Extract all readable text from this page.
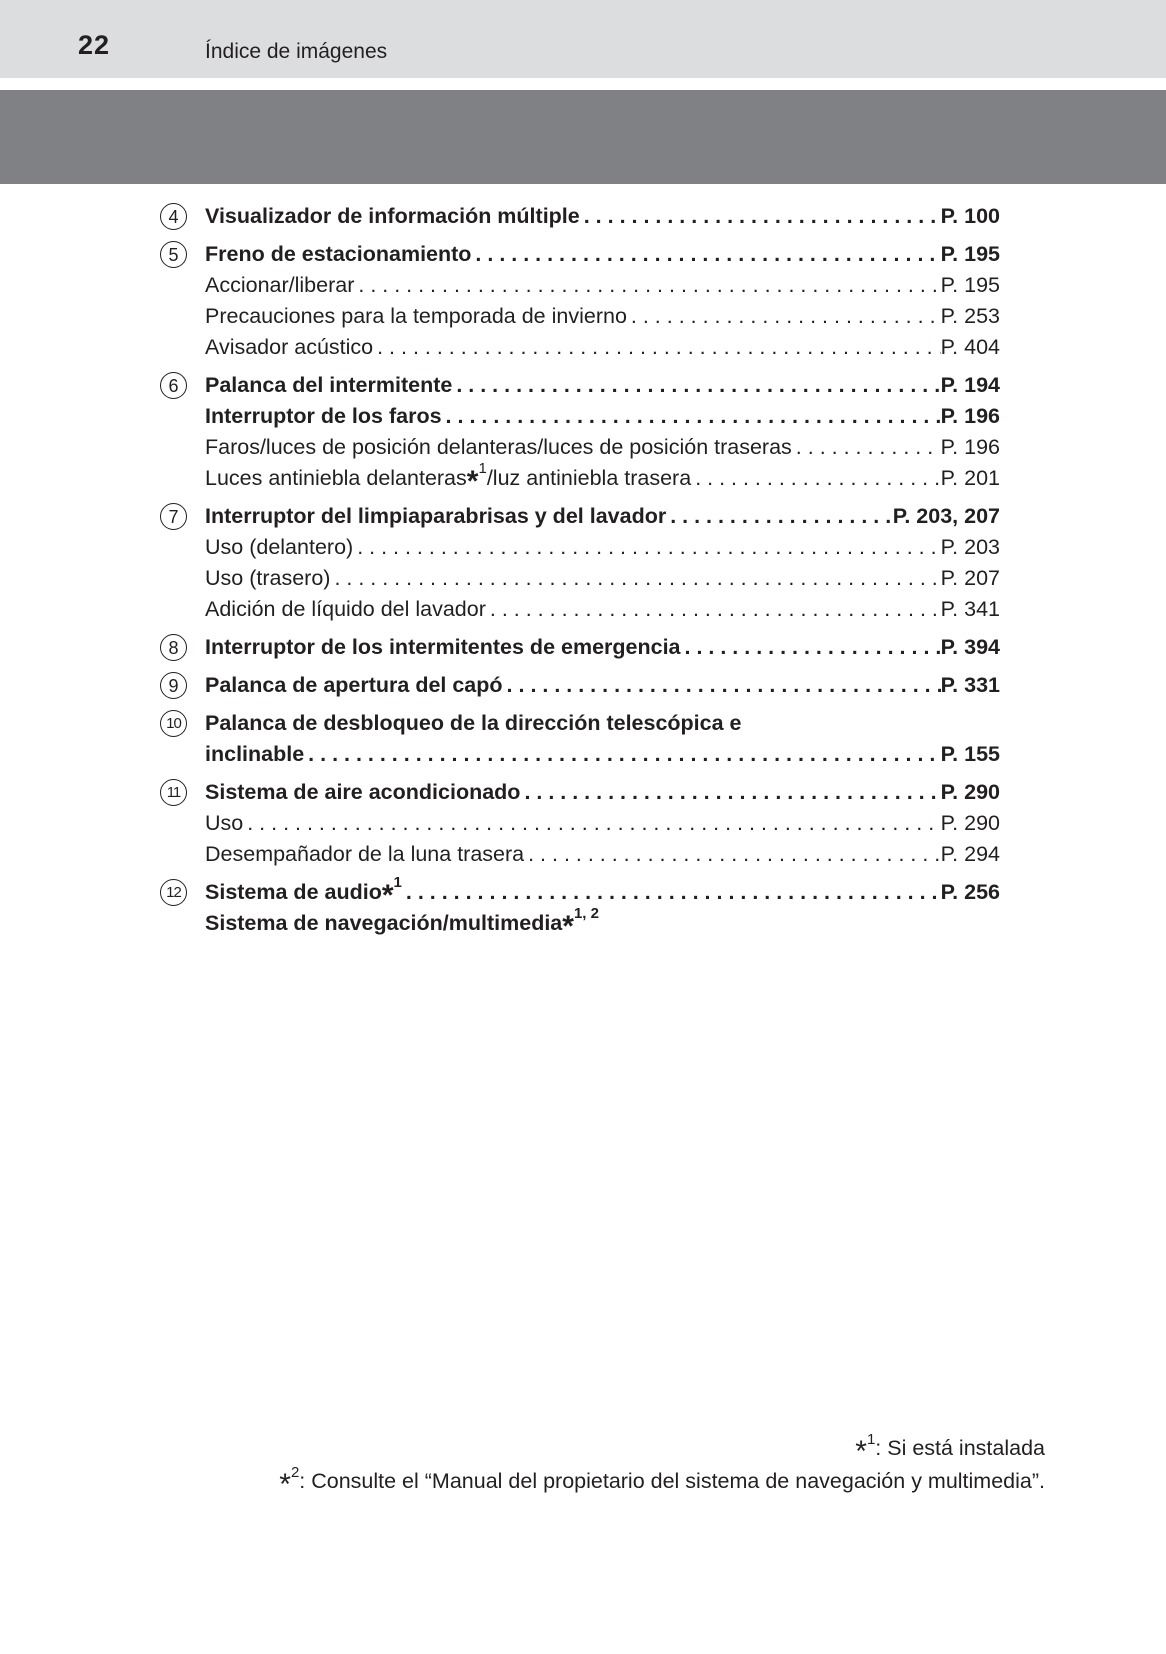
22	Índice de imágenes
4	Visualizador de información múltiple . . .	P. 100
5	Freno de estacionamiento . . .	P. 195
Accionar/liberar . . .	P. 195
Precauciones para la temporada de invierno . . .	P. 253
Avisador acústico . . .	P. 404
6	Palanca del intermitente . . .	P. 194
Interruptor de los faros . . .	P. 196
Faros/luces de posición delanteras/luces de posición traseras . . .	P. 196
Luces antiniebla delanteras*$^1$/luz antiniebla trasera . . .	P. 201
7	Interruptor del limpiaparabrisas y del lavador . . .	P. 203, 207
Uso (delantero) . . .	P. 203
Uso (trasero) . . .	P. 207
Adición de líquido del lavador . . .	P. 341
8	Interruptor de los intermitentes de emergencia . . .	P. 394
9	Palanca de apertura del capó . . .	P. 331
10 Palanca de desbloqueo de la dirección telescópica e
inclinable . . .	P. 155
11	Sistema de aire acondicionado . . .	P. 290
Uso . . .	P. 290
Desempañador de la luna trasera . . .	P. 294
12 Sistema de audio*$^1$ . . .	P. 256
Sistema de navegación/multimedia*$^{1, 2}$
*$^1$: Si está instalada
*$^2$: Consulte el “Manual del propietario del sistema de navegación y multimedia”.
